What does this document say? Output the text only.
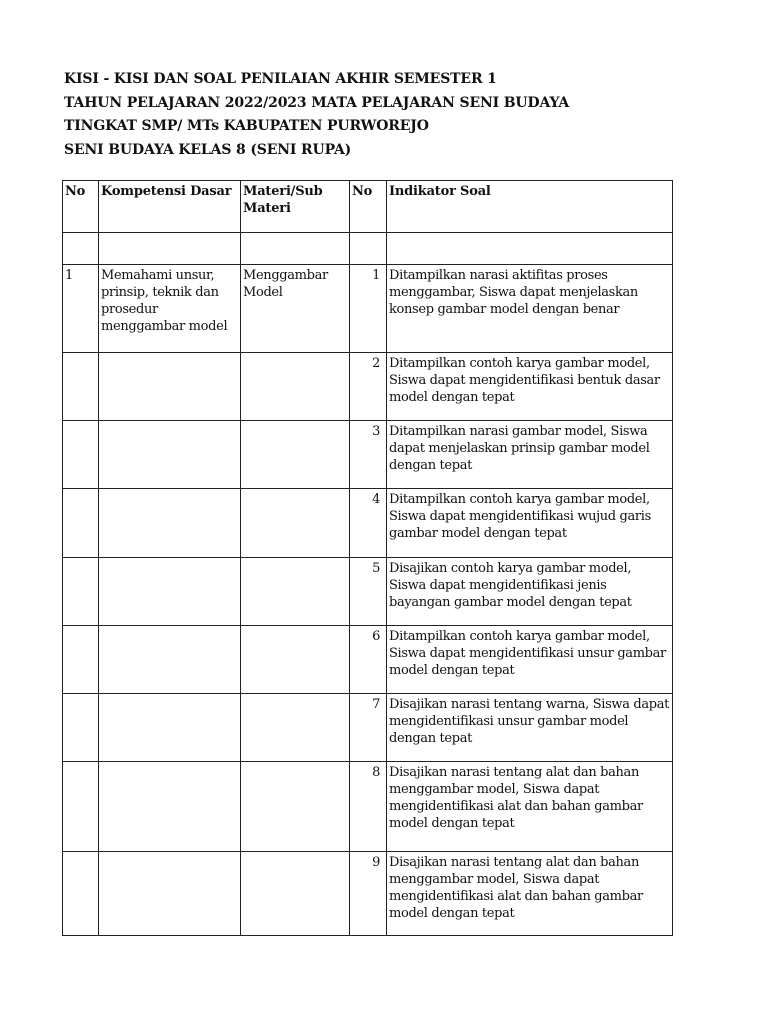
KISI - KISI DAN SOAL PENILAIAN AKHIR SEMESTER 1
TAHUN PELAJARAN 2022/2023 MATA PELAJARAN SENI BUDAYA
TINGKAT SMP/ MTs KABUPATEN PURWOREJO
SENI BUDAYA KELAS 8 (SENI RUPA)
No	Kompetensi Dasar	Materi/Sub Materi	No	Indikator Soal

1	Memahami unsur, prinsip, teknik dan prosedur menggambar model	Menggambar Model	1	Ditampilkan narasi aktifitas proses menggambar, Siswa dapat menjelaskan konsep gambar model dengan benar
			2	Ditampilkan contoh karya gambar model, Siswa dapat mengidentifikasi bentuk dasar model dengan tepat
			3	Ditampilkan narasi gambar model, Siswa dapat menjelaskan prinsip gambar model dengan tepat
			4	Ditampilkan contoh karya gambar model, Siswa dapat mengidentifikasi wujud garis gambar model dengan tepat
			5	Disajikan contoh karya gambar model, Siswa dapat mengidentifikasi jenis bayangan gambar model dengan tepat
			6	Ditampilkan contoh karya gambar model, Siswa dapat mengidentifikasi unsur gambar model dengan tepat
			7	Disajikan narasi tentang warna, Siswa dapat mengidentifikasi unsur gambar model dengan tepat
			8	Disajikan narasi tentang alat dan bahan menggambar model, Siswa dapat mengidentifikasi alat dan bahan gambar model dengan tepat
			9	Disajikan narasi tentang alat dan bahan menggambar model, Siswa dapat mengidentifikasi alat dan bahan gambar model dengan tepat
